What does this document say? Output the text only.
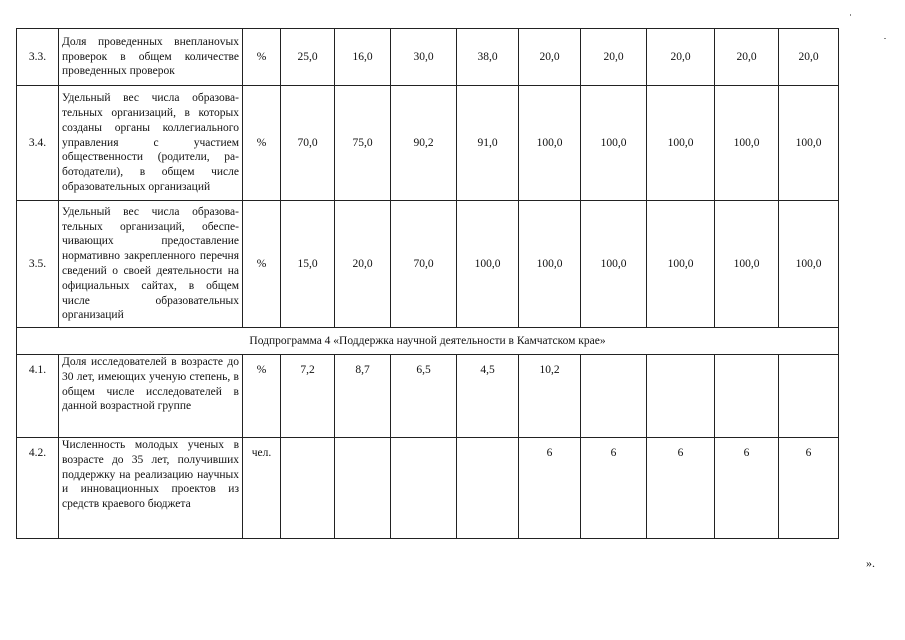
3.3.	Доля проведенных внепланоvых проверок в общем количестве проведенных проверок	%	25,0	16,0	30,0	38,0	20,0	20,0	20,0	20,0	20,0
3.4.	Удельный вес числа образовательных организаций, в которых созданы органы коллегиального управления с участием общественности (родители, работодатели), в общем числе образовательных организаций	%	70,0	75,0	90,2	91,0	100,0	100,0	100,0	100,0	100,0
3.5.	Удельный вес числа образовательных организаций, обеспечивающих предоставление нормативно закрепленного перечня сведений о своей деятельности на официальных сайтах, в общем числе образовательных организаций	%	15,0	20,0	70,0	100,0	100,0	100,0	100,0	100,0	100,0
Подпрограмма 4 «Поддержка научной деятельности в Камчатском крае»											
4.1.	Доля исследователей в возрасте до 30 лет, имеющих ученую степень, в общем числе исследователей в данной возрастной группе	%	7,2	8,7	6,5	4,5	10,2				
4.2.	Численность молодых ученых в возрасте до 35 лет, получивших поддержку на реализацию научных и инновационных проектов из средств краевого бюджета	чел.					6	6	6	6	6
».
